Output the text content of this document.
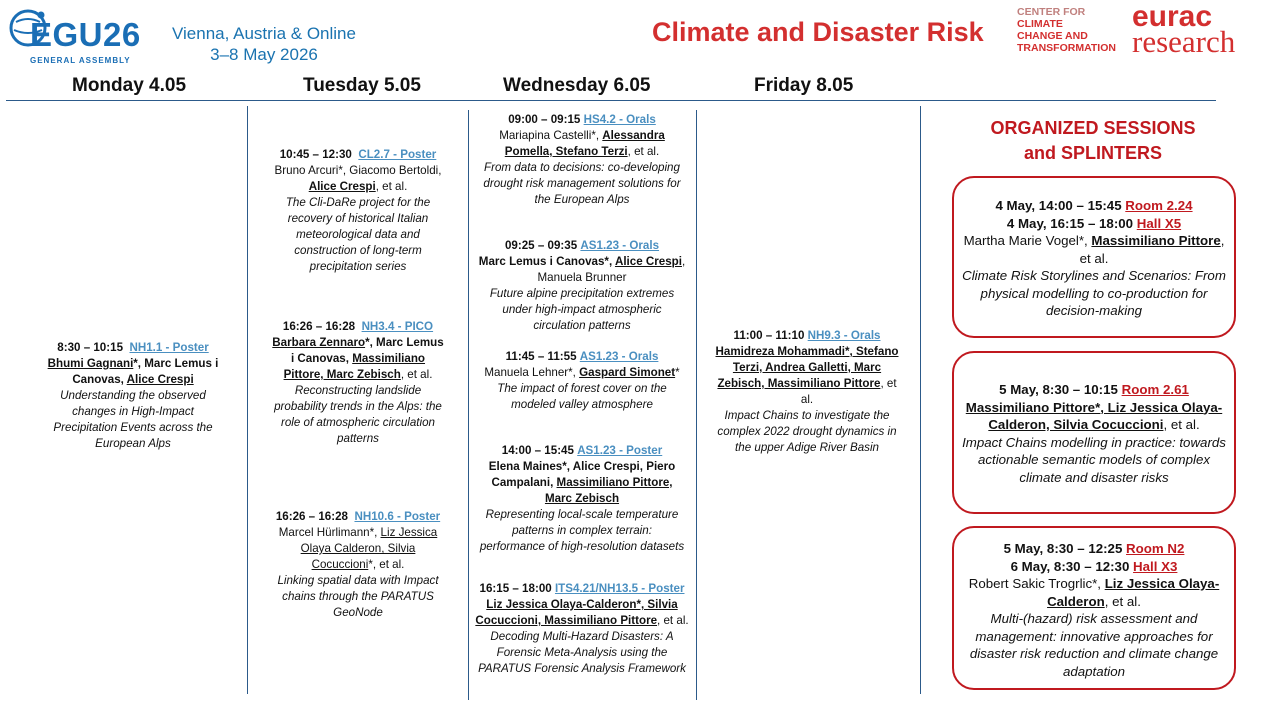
EGU26
GENERAL ASSEMBLY
Vienna, Austria & Online
3–8 May 2026
Climate and Disaster Risk
CENTER FOR
CLIMATE
CHANGE AND
TRANSFORMATION
eurac
research
Monday 4.05	Tuesday 5.05	Wednesday 6.05	Friday 8.05
8:30 – 10:15 NH1.1 - Poster
Bhumi Gagnani*, Marc Lemus i Canovas, Alice Crespi
Understanding the observed changes in High-Impact Precipitation Events across the European Alps
10:45 – 12:30 CL2.7 - Poster
Bruno Arcuri*, Giacomo Bertoldi, Alice Crespi, et al.
The Cli-DaRe project for the recovery of historical Italian meteorological data and construction of long-term precipitation series
16:26 – 16:28 NH3.4 - PICO
Barbara Zennaro*, Marc Lemus i Canovas, Massimiliano Pittore, Marc Zebisch, et al.
Reconstructing landslide probability trends in the Alps: the role of atmospheric circulation patterns
16:26 – 16:28 NH10.6 - Poster
Marcel Hürlimann*, Liz Jessica Olaya Calderon, Silvia Cocuccioni*, et al.
Linking spatial data with Impact chains through the PARATUS GeoNode
09:00 – 09:15 HS4.2 - Orals
Mariapina Castelli*, Alessandra Pomella, Stefano Terzi, et al.
From data to decisions: co-developing drought risk management solutions for the European Alps
09:25 – 09:35 AS1.23 - Orals
Marc Lemus i Canovas*, Alice Crespi, Manuela Brunner
Future alpine precipitation extremes under high-impact atmospheric circulation patterns
11:45 – 11:55 AS1.23 - Orals
Manuela Lehner*, Gaspard Simonet*
The impact of forest cover on the modeled valley atmosphere
14:00 – 15:45 AS1.23 - Poster
Elena Maines*, Alice Crespi, Piero Campalani, Massimiliano Pittore, Marc Zebisch
Representing local-scale temperature patterns in complex terrain: performance of high-resolution datasets
16:15 – 18:00 ITS4.21/NH13.5 - Poster
Liz Jessica Olaya-Calderon*, Silvia Cocuccioni, Massimiliano Pittore, et al.
Decoding Multi-Hazard Disasters: A Forensic Meta-Analysis using the PARATUS Forensic Analysis Framework
11:00 – 11:10 NH9.3 - Orals
Hamidreza Mohammadi*, Stefano Terzi, Andrea Galletti, Marc Zebisch, Massimiliano Pittore, et al.
Impact Chains to investigate the complex 2022 drought dynamics in the upper Adige River Basin
ORGANIZED SESSIONS
and SPLINTERS
4 May, 14:00 – 15:45 Room 2.24
4 May, 16:15 – 18:00 Hall X5
Martha Marie Vogel*, Massimiliano Pittore, et al.
Climate Risk Storylines and Scenarios: From physical modelling to co-production for decision-making
5 May, 8:30 – 10:15 Room 2.61
Massimiliano Pittore*, Liz Jessica Olaya-Calderon, Silvia Cocuccioni, et al.
Impact Chains modelling in practice: towards actionable semantic models of complex climate and disaster risks
5 May, 8:30 – 12:25 Room N2
6 May, 8:30 – 12:30 Hall X3
Robert Sakic Trogrlic*, Liz Jessica Olaya-Calderon, et al.
Multi-(hazard) risk assessment and management: innovative approaches for disaster risk reduction and climate change adaptation
